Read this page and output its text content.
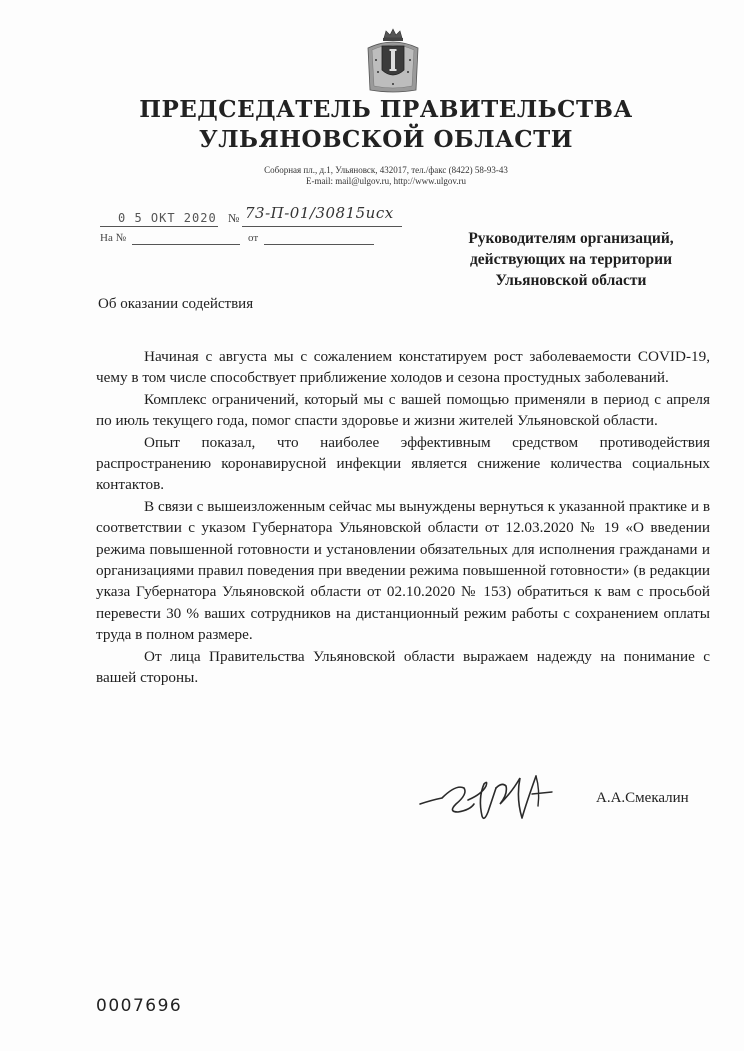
ПРЕДСЕДАТЕЛЬ ПРАВИТЕЛЬСТВА
УЛЬЯНОВСКОЙ ОБЛАСТИ
Соборная пл., д.1, Ульяновск, 432017, тел./факс (8422) 58-93-43
E-mail: mail@ulgov.ru, http://www.ulgov.ru
0 5 ОКТ 2020 № 73-П-01/30815исх
На №	от	Руководителям организаций,
действующих на территории
Ульяновской области
Об оказании содействия

Начиная с августа мы с сожалением констатируем рост заболеваемости COVID-19, чему в том числе способствует приближение холодов и сезона простудных заболеваний.

Комплекс ограничений, который мы с вашей помощью применяли в период с апреля по июль текущего года, помог спасти здоровье и жизни жителей Ульяновской области.

Опыт показал, что наиболее эффективным средством противодействия распространению коронавирусной инфекции является снижение количества социальных контактов.

В связи с вышеизложенным сейчас мы вынуждены вернуться к указанной практике и в соответствии с указом Губернатора Ульяновской области от 12.03.2020 № 19 «О введении режима повышенной готовности и установлении обязательных для исполнения гражданами и организациями правил поведения при введении режима повышенной готовности» (в редакции указа Губернатора Ульяновской области от 02.10.2020 № 153) обратиться к вам с просьбой перевести 30 % ваших сотрудников на дистанционный режим работы с сохранением оплаты труда в полном размере.

От лица Правительства Ульяновской области выражаем надежду на понимание с вашей стороны.

А.А.Смекалин
0007696
